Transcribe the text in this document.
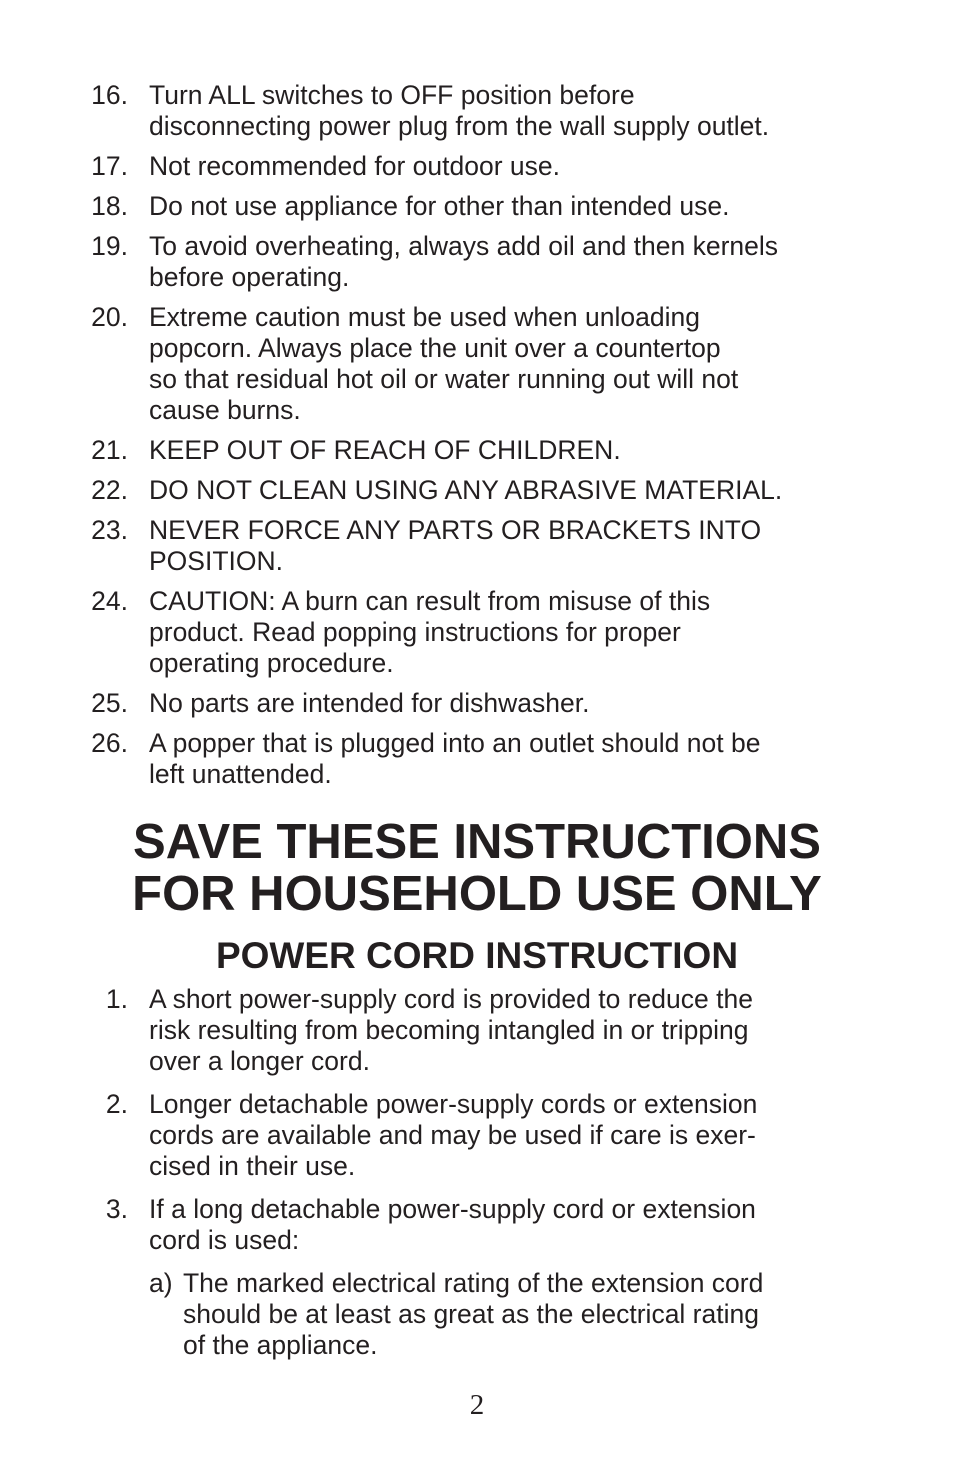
16. Turn ALL switches to OFF position before
disconnecting power plug from the wall supply outlet.
17. Not recommended for outdoor use.
18. Do not use appliance for other than intended use.
19. To avoid overheating, always add oil and then kernels
before operating.
20. Extreme caution must be used when unloading
popcorn. Always place the unit over a countertop
so that residual hot oil or water running out will not
cause burns.
21. KEEP OUT OF REACH OF CHILDREN.
22. DO NOT CLEAN USING ANY ABRASIVE MATERIAL.
23. NEVER FORCE ANY PARTS OR BRACKETS INTO
POSITION.
24. CAUTION: A burn can result from misuse of this
product. Read popping instructions for proper
operating procedure.
25. No parts are intended for dishwasher.
26. A popper that is plugged into an outlet should not be
left unattended.
SAVE THESE INSTRUCTIONS
FOR HOUSEHOLD USE ONLY
POWER CORD INSTRUCTION
1. A short power-supply cord is provided to reduce the
risk resulting from becoming intangled in or tripping
over a longer cord.
2. Longer detachable power-supply cords or extension
cords are available and may be used if care is exer-
cised in their use.
3. If a long detachable power-supply cord or extension
cord is used:
a) The marked electrical rating of the extension cord
should be at least as great as the electrical rating
of the appliance.
2
